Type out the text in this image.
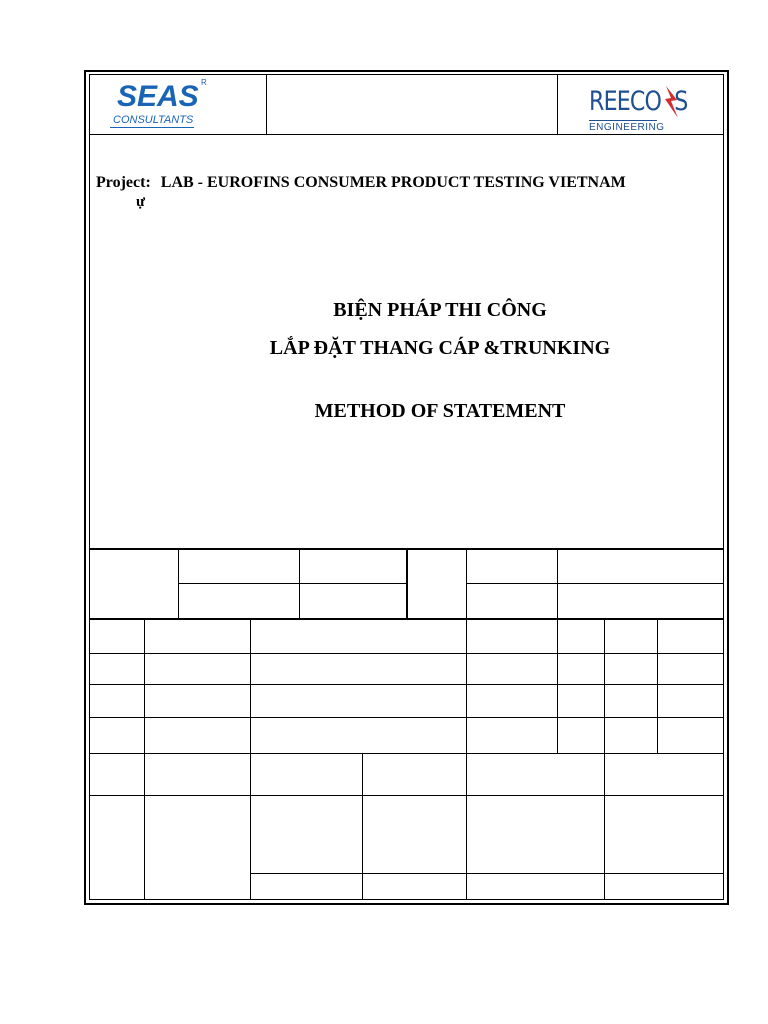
SEAS R
CONSULTANTS
REECO S
ENGINEERING
Project: LAB - EUROFINS CONSUMER PRODUCT TESTING VIETNAM
ự
BIỆN PHÁP THI CÔNG
LẮP ĐẶT THANG CÁP &TRUNKING
METHOD OF STATEMENT
